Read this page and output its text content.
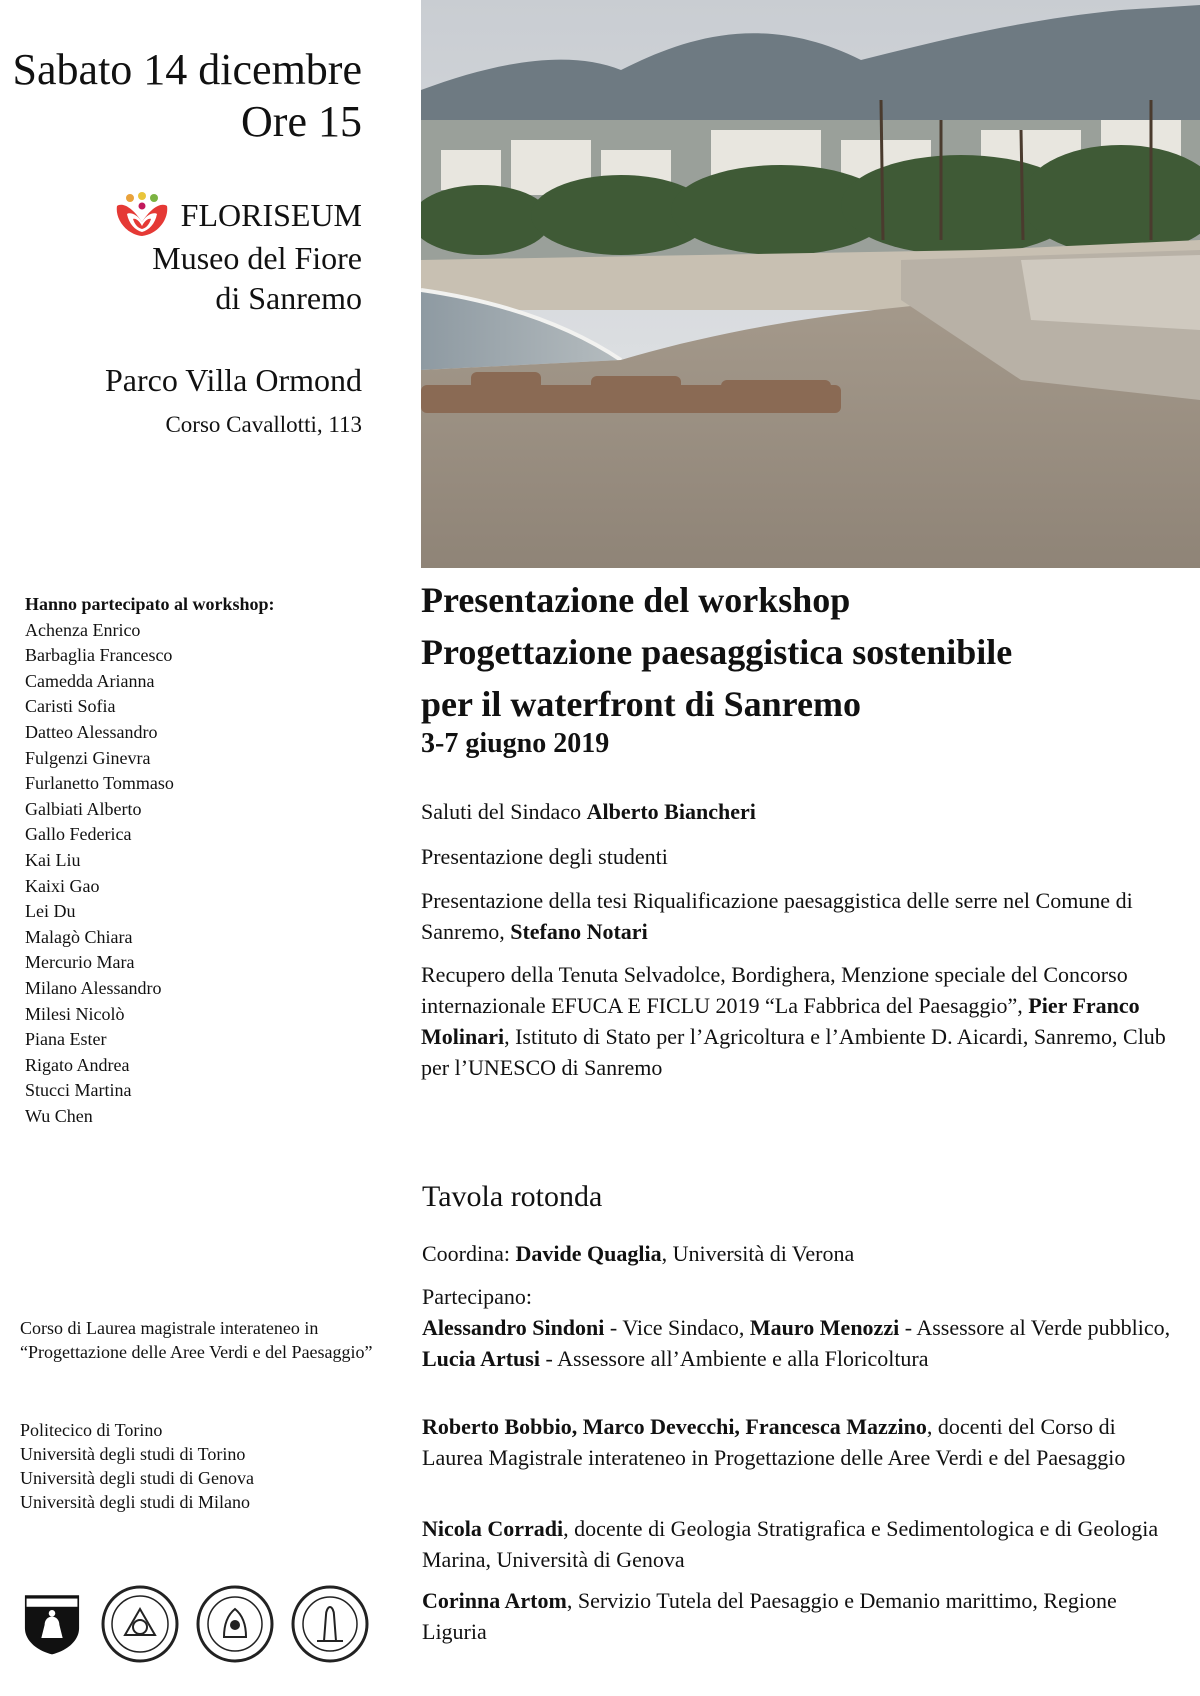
Sabato 14 dicembre
Ore 15
FLORISEUM
Museo del Fiore
di Sanremo
Parco Villa Ormond
Corso Cavallotti, 113
Hanno partecipato al workshop:
Achenza Enrico
Barbaglia Francesco
Camedda Arianna
Caristi Sofia
Datteo Alessandro
Fulgenzi Ginevra
Furlanetto Tommaso
Galbiati Alberto
Gallo Federica
Kai Liu
Kaixi Gao
Lei Du
Malagò Chiara
Mercurio Mara
Milano Alessandro
Milesi Nicolò
Piana Ester
Rigato Andrea
Stucci Martina
Wu Chen
Presentazione del workshop
Progettazione paesaggistica sostenibile
per il waterfront di Sanremo
3-7 giugno 2019
Saluti del Sindaco Alberto Biancheri
Presentazione degli studenti
Presentazione della tesi Riqualificazione paesaggistica delle serre nel Comune di Sanremo, Stefano Notari
Recupero della Tenuta Selvadolce, Bordighera, Menzione speciale del Concorso internazionale EFUCA E FICLU 2019 “La Fabbrica del Paesaggio”, Pier Franco Molinari, Istituto di Stato per l’Agricoltura e l’Ambiente D. Aicardi, Sanremo, Club per l’UNESCO di Sanremo
Tavola rotonda
Coordina: Davide Quaglia, Università di Verona
Partecipano:
Alessandro Sindoni - Vice Sindaco, Mauro Menozzi - Assessore al Verde pubblico, Lucia Artusi - Assessore all’Ambiente e alla Floricoltura
Roberto Bobbio, Marco Devecchi, Francesca Mazzino, docenti del Corso di Laurea Magistrale interateneo in Progettazione delle Aree Verdi e del Paesaggio
Nicola Corradi, docente di Geologia Stratigrafica e Sedimentologica e di Geologia Marina, Università di Genova
Corinna Artom, Servizio Tutela del Paesaggio e Demanio marittimo, Regione Liguria
Corso di Laurea magistrale interateneo in “Progettazione delle Aree Verdi e del Paesaggio”
Politecico di Torino
Università degli studi di Torino
Università degli studi di Genova
Università degli studi di Milano
